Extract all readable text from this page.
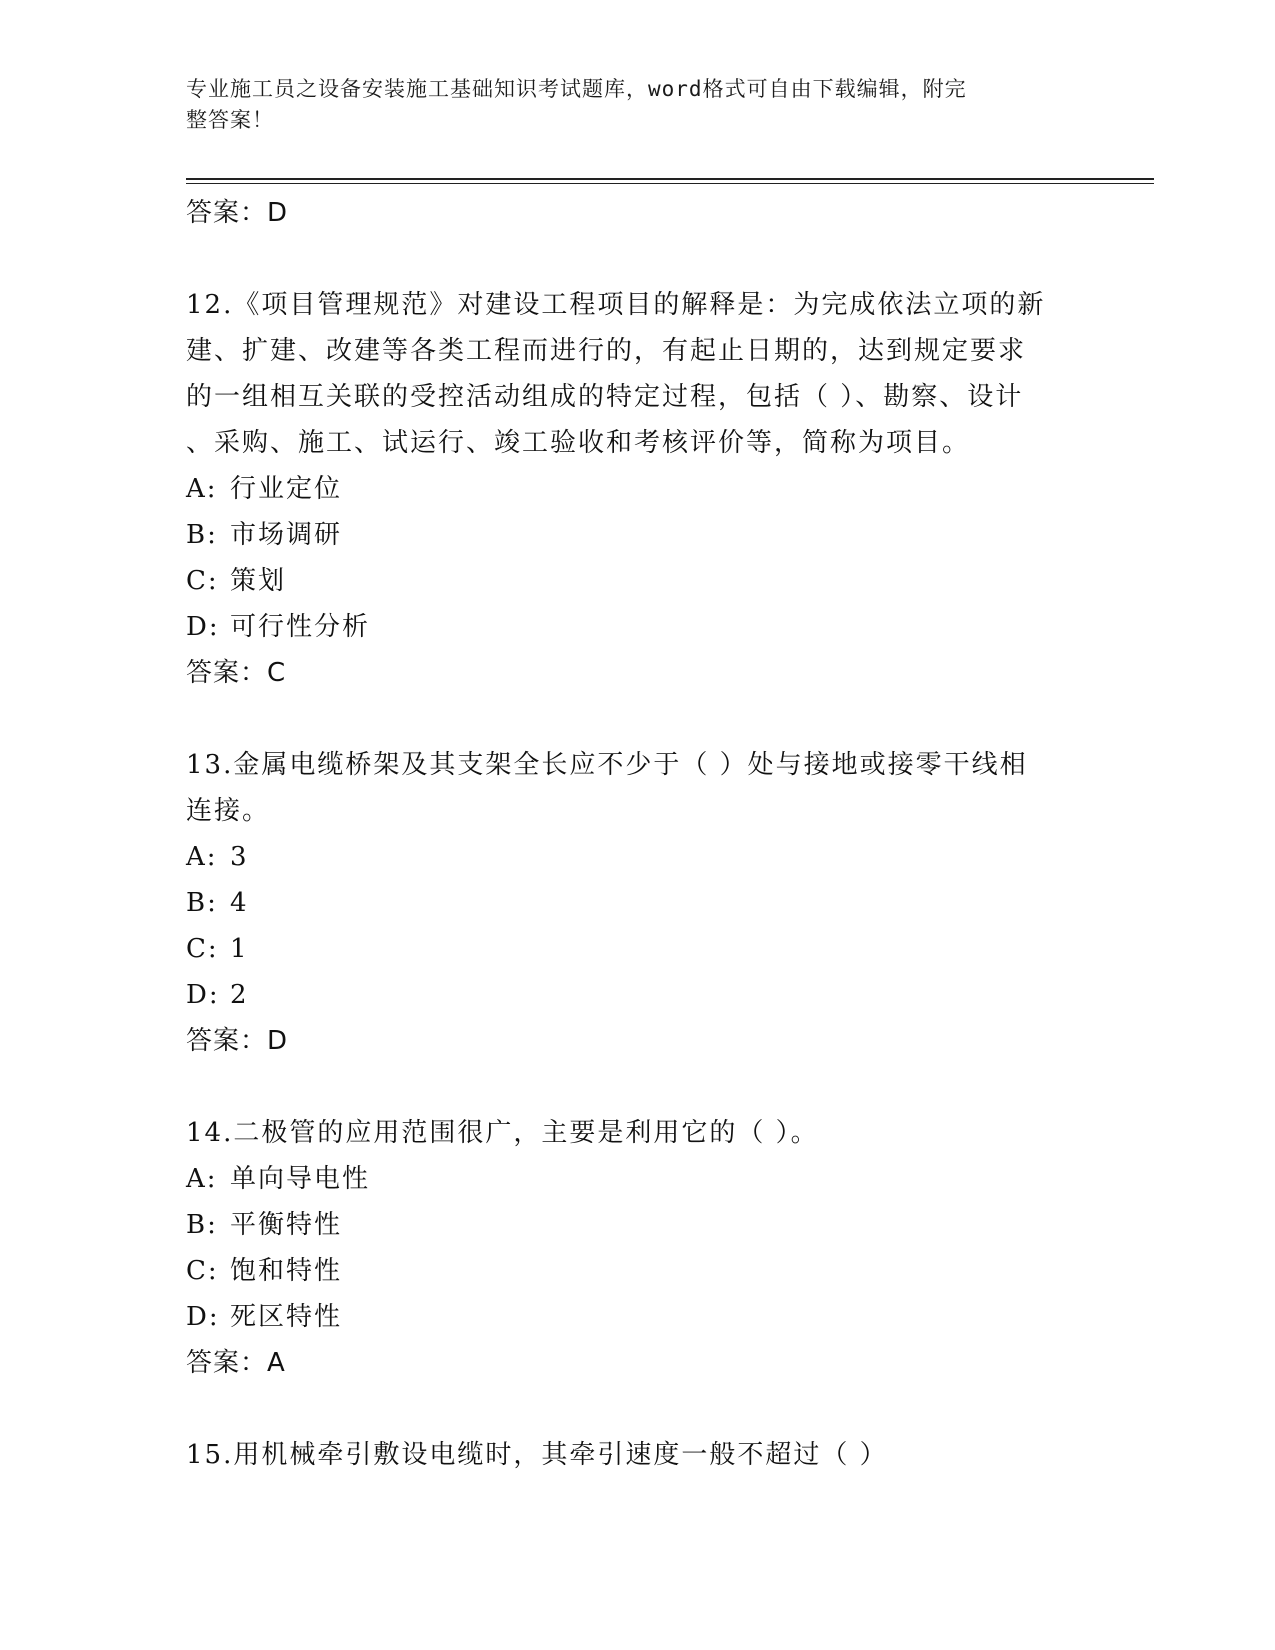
专业施工员之设备安装施工基础知识考试题库，word格式可自由下载编辑，附完
整答案！
答案：D
12.《项目管理规范》对建设工程项目的解释是：为完成依法立项的新
建、扩建、改建等各类工程而进行的，有起止日期的，达到规定要求
的一组相互关联的受控活动组成的特定过程，包括（ ）、勘察、设计
、采购、施工、试运行、竣工验收和考核评价等，简称为项目。
A: 行业定位
B: 市场调研
C: 策划
D: 可行性分析
答案：C
13.金属电缆桥架及其支架全长应不少于（ ）处与接地或接零干线相
连接。
A: 3
B: 4
C: 1
D: 2
答案：D
14.二极管的应用范围很广，主要是利用它的（ ）。
A: 单向导电性
B: 平衡特性
C: 饱和特性
D: 死区特性
答案：A
15.用机械牵引敷设电缆时，其牵引速度一般不超过（ ）
